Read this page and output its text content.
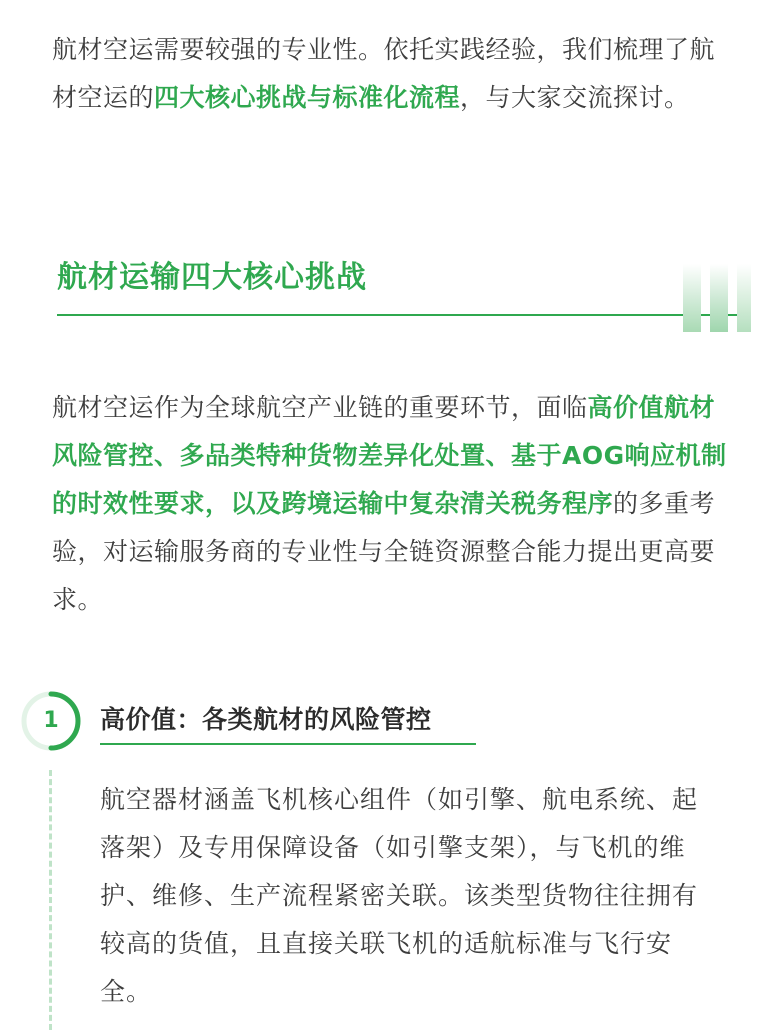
航材空运需要较强的专业性。依托实践经验，我们梳理了航材空运的四大核心挑战与标准化流程，与大家交流探讨。

航材运输四大核心挑战

航材空运作为全球航空产业链的重要环节，面临高价值航材风险管控、多品类特种货物差异化处置、基于AOG响应机制的时效性要求，以及跨境运输中复杂清关税务程序的多重考验，对运输服务商的专业性与全链资源整合能力提出更高要求。

1	高价值：各类航材的风险管控

航空器材涵盖飞机核心组件（如引擎、航电系统、起落架）及专用保障设备（如引擎支架），与飞机的维护、维修、生产流程紧密关联。该类型货物往往拥有较高的货值，且直接关联飞机的适航标准与飞行安全。
